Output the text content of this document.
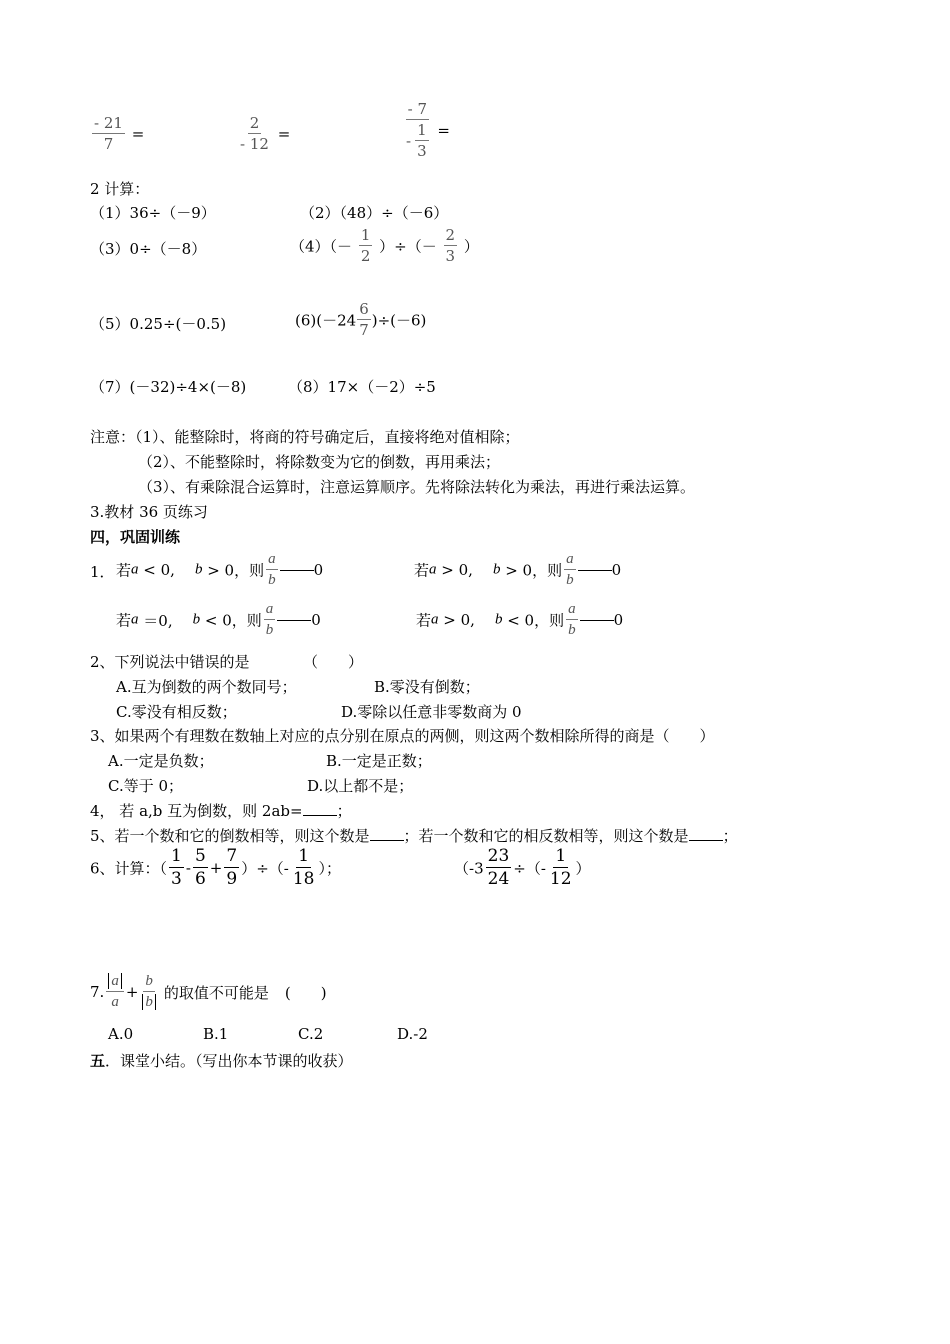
$\frac{- 21}{7}$ =	$\frac{2}{- 12}$ =	$\frac{- 7}{- \frac{1}{3}}$ =
2 计算：
（1）36÷（－9）	（2）（48）÷（－6）
（3）0÷（－8）	$(4)(- \frac{1}{2}$ ）÷（－ $\frac{2}{3}$ ）
（5）0.25÷(－0.5)	$(6)(-24 \frac{6}{7} )\div(-6)$
（7）(－32)÷4×(－8)	（8）17×（－2）÷5
注意：（1）、能整除时，将商的符号确定后，直接将绝对值相除；
（2）、不能整除时，将除数变为它的倒数，再用乘法；
（3）、有乘除混合运算时，注意运算顺序。先将除法转化为乘法，再进行乘法运算。
3.教材 36 页练习
四，巩固训练
1． 若a < 0, b > 0，则 $\frac{a}{b} 0$	若a > 0, b > 0，则 $\frac{a}{b} 0$
若a ＝0, b < 0，则 $\frac{a}{b} 0$	若a > 0, b < 0，则 $\frac{a}{b} 0$
2、下列说法中错误的是	（　　）
A.互为倒数的两个数同号；	B.零没有倒数；
C.零没有相反数；	D.零除以任意非零数商为 0
3、如果两个有理数在数轴上对应的点分别在原点的两侧，则这两个数相除所得的商是（　　）
A.一定是负数；	B.一定是正数；
C.等于 0；	D.以上都不是；
4， 若 a,b 互为倒数，则 2ab= ；
5、若一个数和它的倒数相等，则这个数是 ；若一个数和它的相反数相等，则这个数是 ；
6、计算：（ $\frac{1}{3} - \frac{5}{6} + \frac{7}{9}$ ）÷（- $\frac{1}{18}$ ）；	（$-3 \frac{23}{24}$ ÷（- $\frac{1}{12}$ ）
7. $\frac{a}{a} + \frac{b}{b}$ 的取值不可能是 (　　)
A.0	B.1	C.2	D.-2
五．课堂小结。（写出你本节课的收获）
